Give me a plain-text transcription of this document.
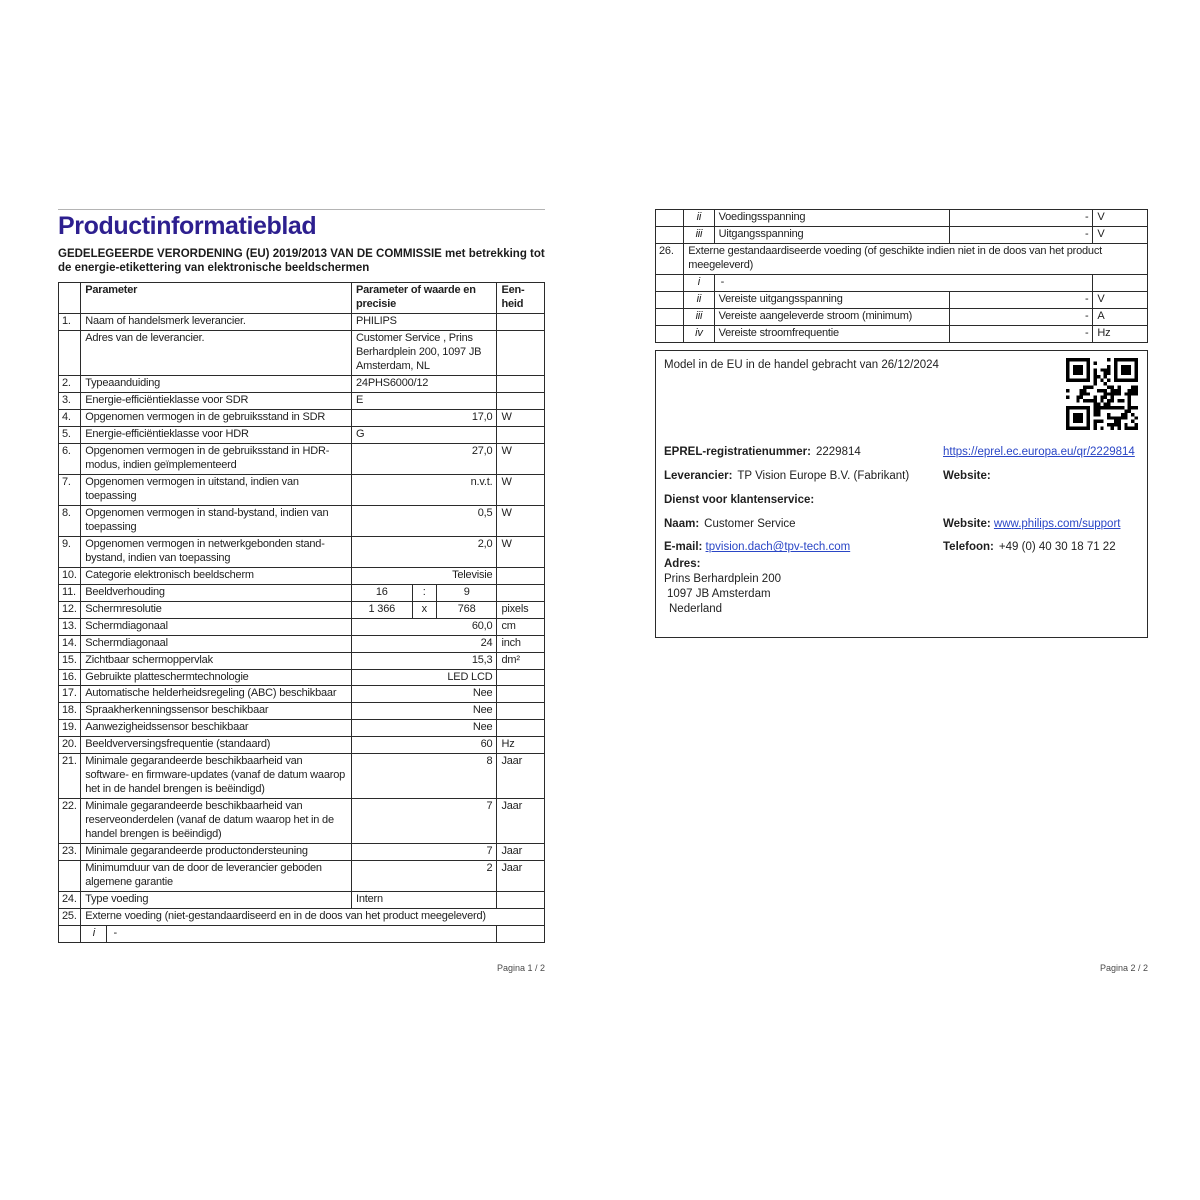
Productinformatieblad

GEDELEGEERDE VERORDENING (EU) 2019/2013 VAN DE COMMISSIE met betrekking tot de energie-etikettering van elektronische beeldschermen

	Parameter		Parameter of waarde en precisie			Een-heid
1.	Naam of handelsmerk leverancier.		PHILIPS			
	Adres van de leverancier.		Customer Service , Prins Berhardplein 200, 1097 JB Amsterdam, NL			
2.	Typeaanduiding		24PHS6000/12			
3.	Energie-efficiëntieklasse voor SDR		E			
4.	Opgenomen vermogen in de gebruiksstand in SDR		17,0			W
5.	Energie-efficiëntieklasse voor HDR		G			
6.	Opgenomen vermogen in de gebruiksstand in HDR-modus, indien geïmplementeerd		27,0			W
7.	Opgenomen vermogen in uitstand, indien van toepassing		n.v.t.			W
8.	Opgenomen vermogen in stand-bystand, indien van toepassing		0,5			W
9.	Opgenomen vermogen in netwerkgebonden stand-bystand, indien van toepassing		2,0			W
10.	Categorie elektronisch beeldscherm		Televisie			
11.	Beeldverhouding		16	:	9	
12.	Schermresolutie		1 366	x	768	pixels
13.	Schermdiagonaal		60,0			cm
14.	Schermdiagonaal		24			inch
15.	Zichtbaar schermoppervlak		15,3			dm²
16.	Gebruikte platteschermtechnologie		LED LCD			
17.	Automatische helderheidsregeling (ABC) beschikbaar		Nee			
18.	Spraakherkenningssensor beschikbaar		Nee			
19.	Aanwezigheidssensor beschikbaar		Nee			
20.	Beeldverversingsfrequentie (standaard)		60			Hz
21.	Minimale gegarandeerde beschikbaarheid van software- en firmware-updates (vanaf de datum waarop het in de handel brengen is beëindigd)		8			Jaar
22.	Minimale gegarandeerde beschikbaarheid van reserveonderdelen (vanaf de datum waarop het in de handel brengen is beëindigd)		7			Jaar
23.	Minimale gegarandeerde productondersteuning		7			Jaar
	Minimumduur van de door de leverancier geboden algemene garantie		2			Jaar
24.	Type voeding		Intern			
25.	Externe voeding (niet-gestandaardiseerd en in de doos van het product meegeleverd)					
	i	-				
Pagina 1 / 2
	ii	Voedingsspanning	-	V
	iii	Uitgangsspanning	-	V
26.	Externe gestandaardiseerde voeding (of geschikte indien niet in de doos van het product meegeleverd)			
	i	-		
	ii	Vereiste uitgangsspanning	-	V
	iii	Vereiste aangeleverde stroom (minimum)	-	A
	iv	Vereiste stroomfrequentie	-	Hz
Model in de EU in de handel gebracht van 26/12/2024
EPREL-registratienummer: 2229814	https://eprel.ec.europa.eu/qr/2229814
Leverancier: TP Vision Europe B.V. (Fabrikant)	Website:
Dienst voor klantenservice:
Naam: Customer Service	Website: www.philips.com/support
E-mail: tpvision.dach@tpv-tech.com	Telefoon: +49 (0) 40 30 18 71 22
Adres:
Prins Berhardplein 200
1097 JB Amsterdam
Nederland
Pagina 2 / 2
